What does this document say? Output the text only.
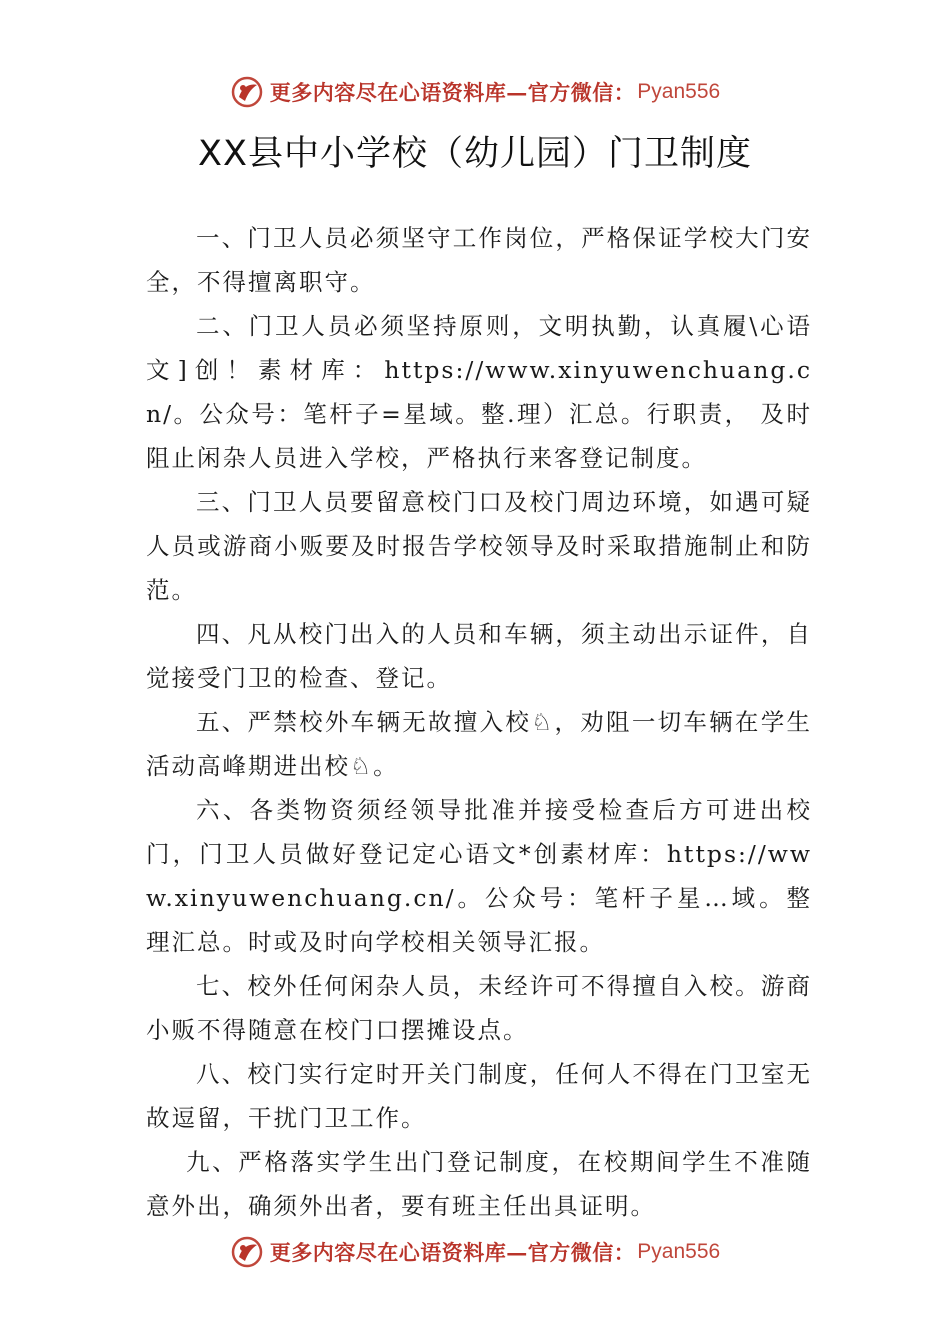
更多内容尽在心语资料库—官方微信： Pyan556
XX县中小学校（幼儿园）门卫制度

一、门卫人员必须坚守工作岗位，严格保证学校大门安全，不得擅离职守。

二、门卫人员必须坚持原则，文明执勤，认真履\心语文]创！素材库：https://www.xinyuwenchuang.cn/。公众号：笔杆子=星域。整.理）汇总。行职责， 及时阻止闲杂人员进入学校，严格执行来客登记制度。

三、门卫人员要留意校门口及校门周边环境，如遇可疑人员或游商小贩要及时报告学校领导及时采取措施制止和防范。

四、凡从校门出入的人员和车辆，须主动出示证件，自觉接受门卫的检查、登记。

五、严禁校外车辆无故擅入校♘，劝阻一切车辆在学生活动高峰期进出校♘。

六、各类物资须经领导批准并接受检查后方可进出校门，门卫人员做好登记定心语文*创素材库：https://www.xinyuwenchuang.cn/。公众号：笔杆子星…域。整理汇总。时或及时向学校相关领导汇报。

七、校外任何闲杂人员，未经许可不得擅自入校。游商小贩不得随意在校门口摆摊设点。

八、校门实行定时开关门制度，任何人不得在门卫室无故逗留，干扰门卫工作。

九、严格落实学生出门登记制度，在校期间学生不准随意外出，确须外出者，要有班主任出具证明。

更多内容尽在心语资料库—官方微信： Pyan556
